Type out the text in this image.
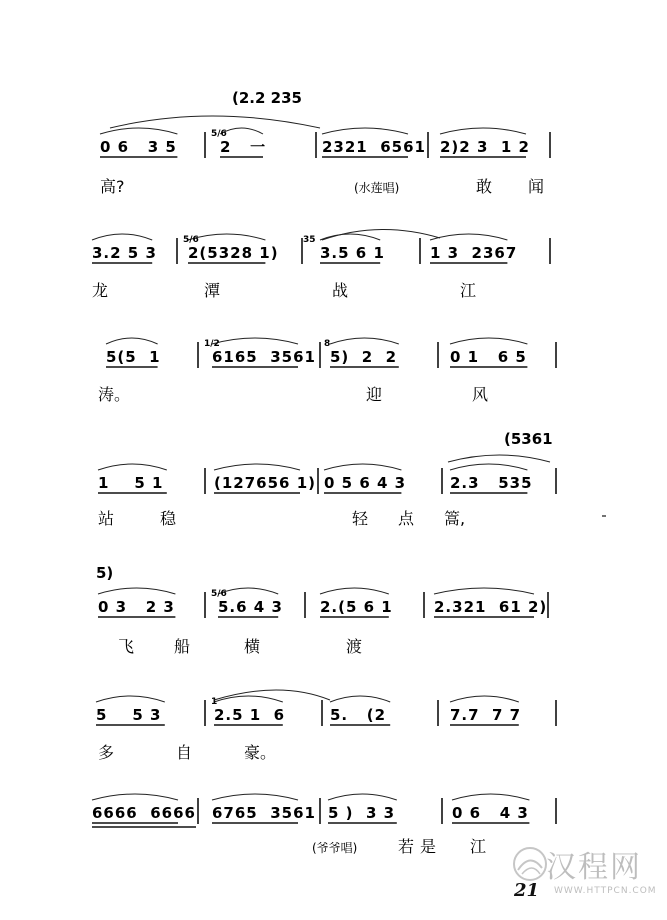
(2.2 235
0 6   3 5	2   一	2321  6561 2)2 3  1 2
5/6
高?	(水莲唱)	敢 闻
3.2 5 3 2(5328 1)	3.5 6 1	1 3  2367
5/6	35
龙	潭	战	江
5(5  1	6165  3561 5)  2  2	0 1   6 5
1/2	8
涛。	迎	风
(5361
1    5 1	(127656 1) 0 5 6 4 3	2.3   535
站	稳	轻 点 篙,
5)
0 3   2 3	5.6 4 3 2.(5 6 1	2.321  61 2)
5/6
飞 船	横	渡
5    5 3	2.5 1  6	5.   (2	7.7  7 7
1
多	自	豪。
6666  6666 6765  3561 5 )  3 3	0 6   4 3
(爷爷唱)	若 是 江
21
汉程网
WWW.HTTPCN.COM
